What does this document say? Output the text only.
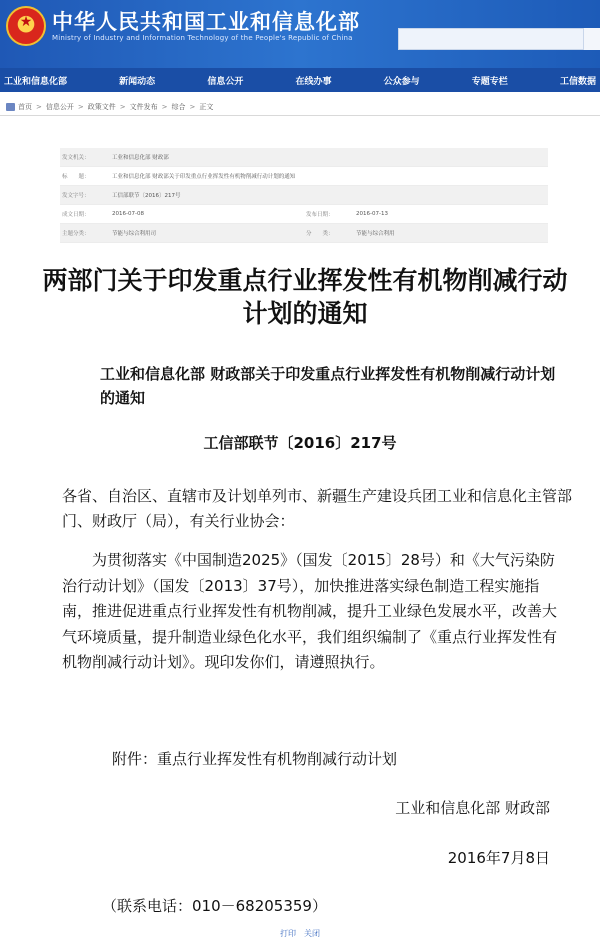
★
中华人民共和国工业和信息化部
Ministry of Industry and Information Technology of the People's Republic of China
工业和信息化部	新闻动态	信息公开	在线办事	公众参与	专题专栏	工信数据
首页 > 信息公开 > 政策文件 > 文件发布 > 综合 > 正文
发文机关：	工业和信息化部 财政部
标　　题：	工业和信息化部 财政部关于印发重点行业挥发性有机物削减行动计划的通知
发文字号：	工信部联节〔2016〕217号
成文日期：	2016-07-08	发布日期：	2016-07-13
主题分类：	节能与综合利用司	分　　类：	节能与综合利用
两部门关于印发重点行业挥发性有机物削减行动计划的通知
工业和信息化部 财政部关于印发重点行业挥发性有机物削减行动计划的通知
工信部联节〔2016〕217号
各省、自治区、直辖市及计划单列市、新疆生产建设兵团工业和信息化主管部门、财政厅（局），有关行业协会：
为贯彻落实《中国制造2025》（国发〔2015〕28号）和《大气污染防治行动计划》（国发〔2013〕37号），加快推进落实绿色制造工程实施指南，推进促进重点行业挥发性有机物削减，提升工业绿色发展水平，改善大气环境质量，提升制造业绿色化水平，我们组织编制了《重点行业挥发性有机物削减行动计划》。现印发你们，请遵照执行。
附件：重点行业挥发性有机物削减行动计划
工业和信息化部 财政部
2016年7月8日
（联系电话：010－68205359）
打印　关闭
